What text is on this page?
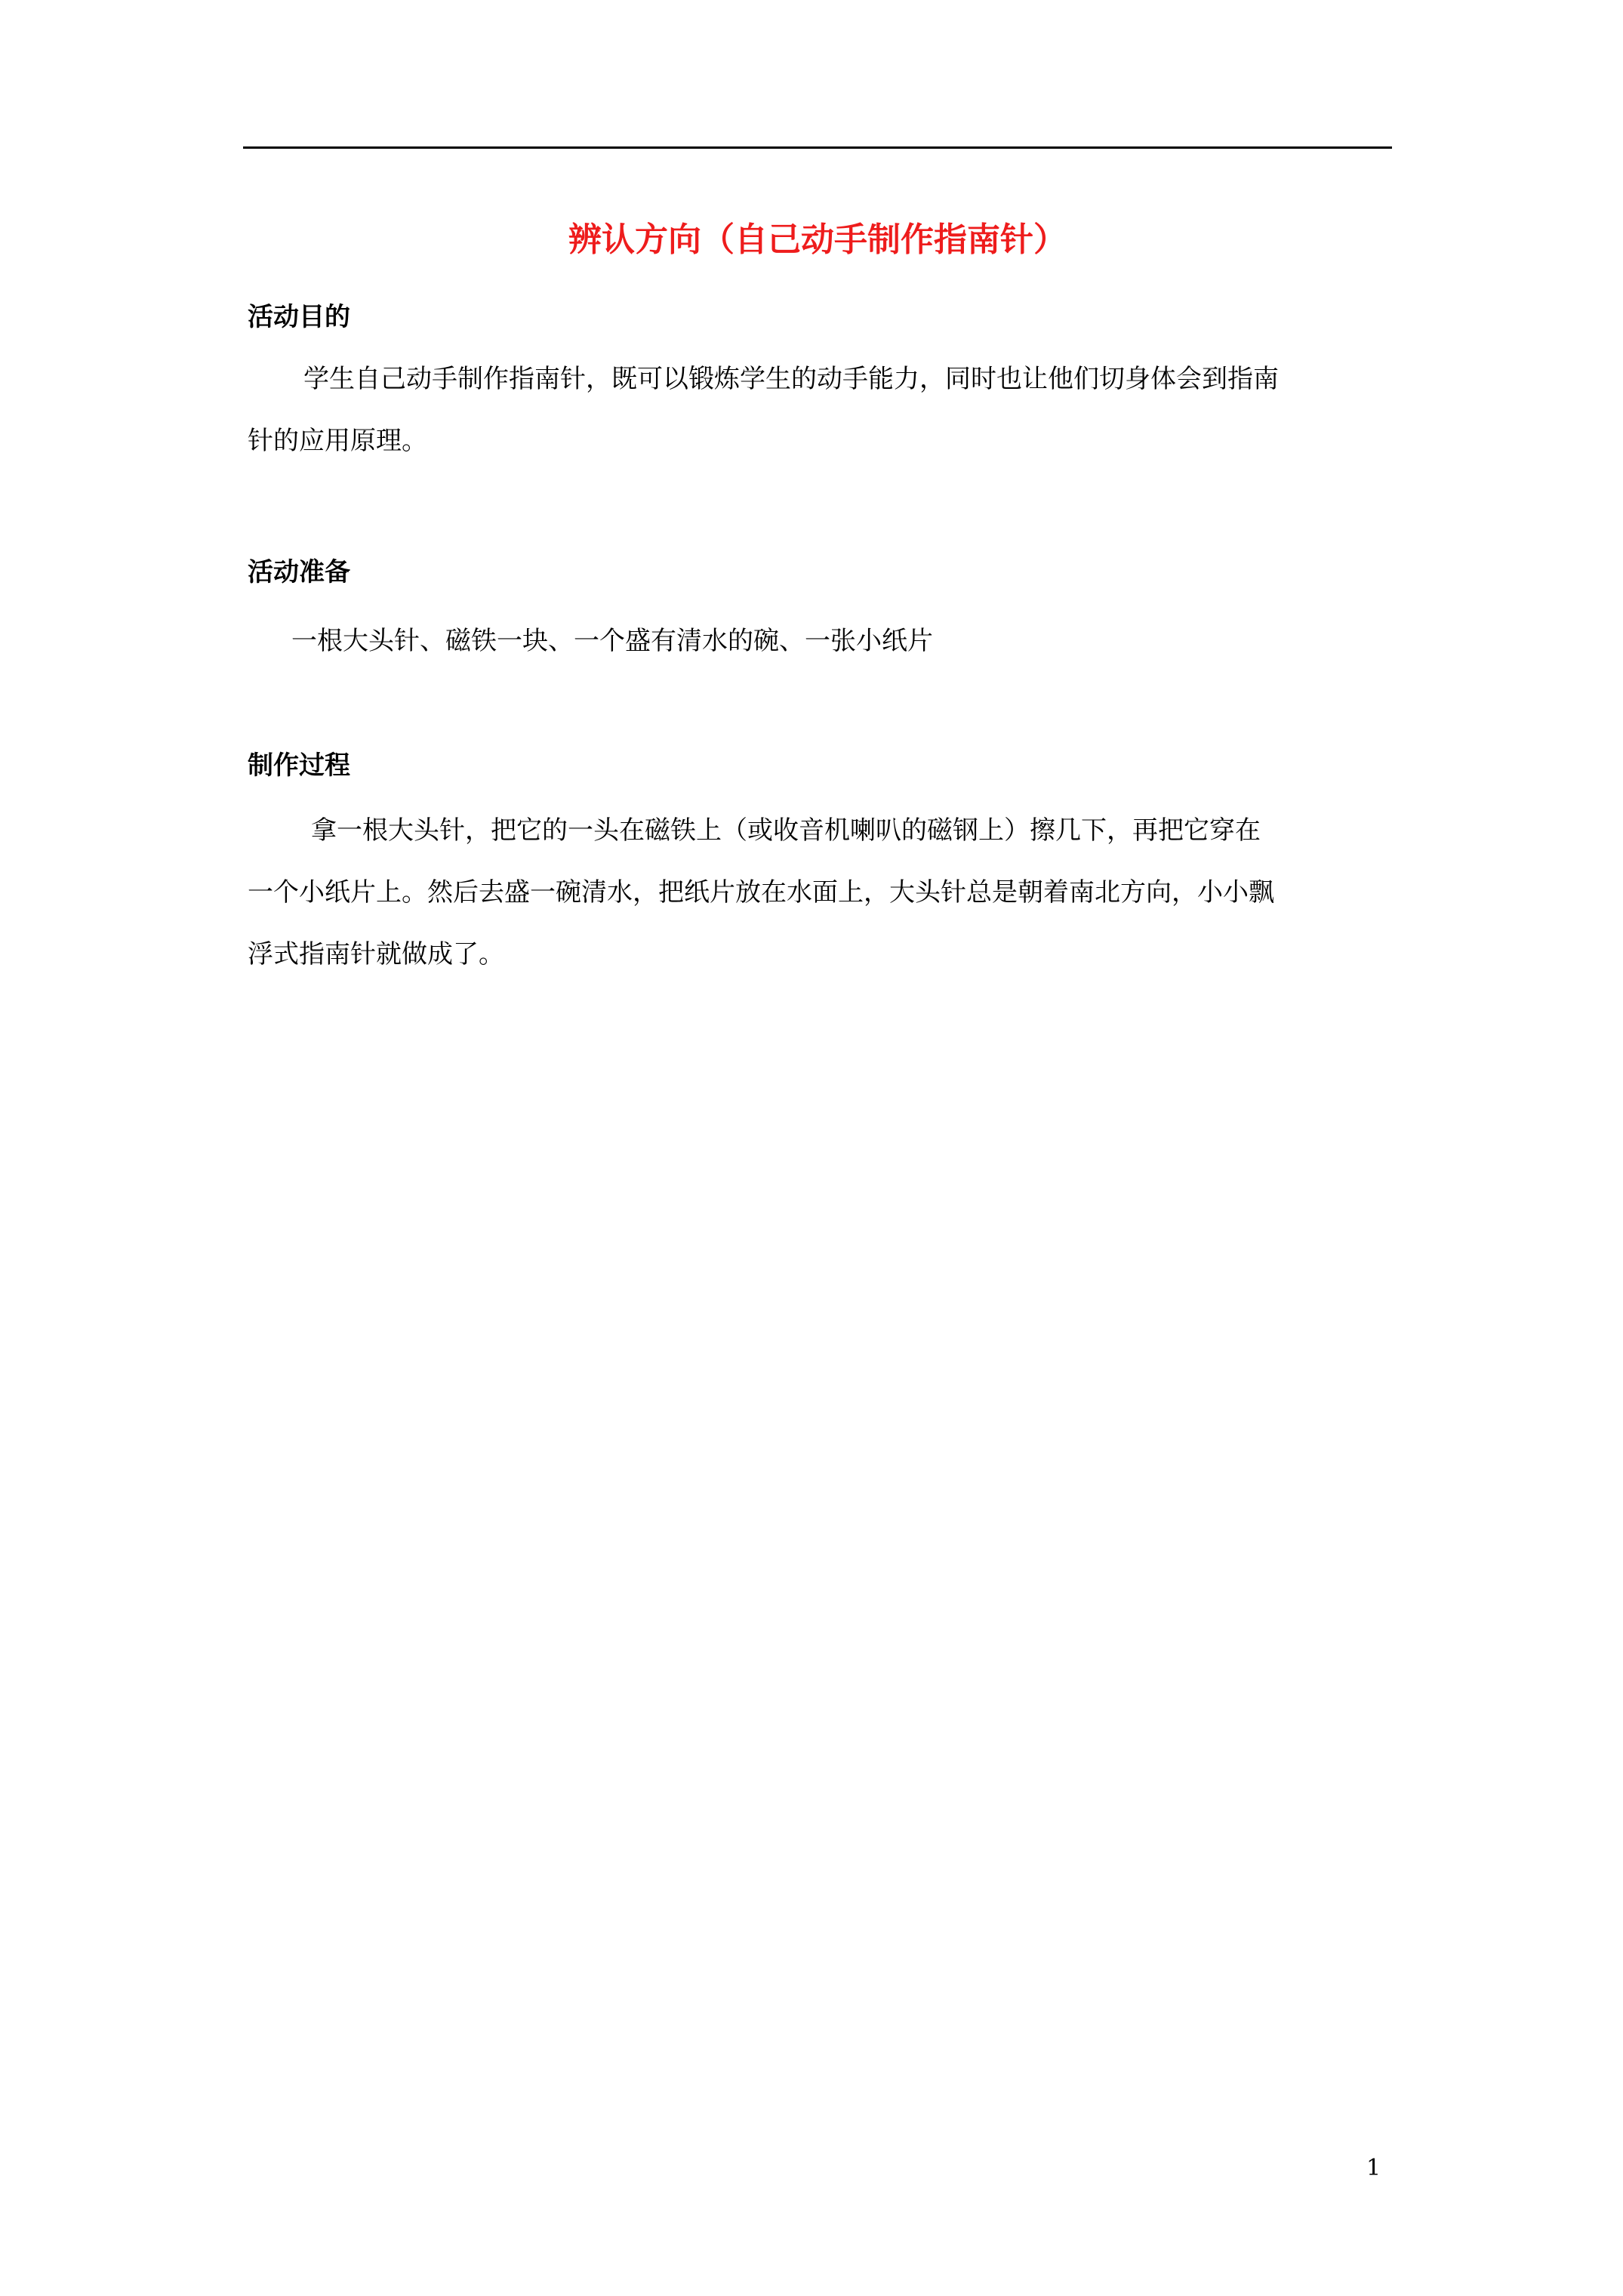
辨认方向（自己动手制作指南针）
活动目的
学生自己动手制作指南针，既可以锻炼学生的动手能力，同时也让他们切身体会到指南
针的应用原理。
活动准备
一根大头针、磁铁一块、一个盛有清水的碗、一张小纸片
制作过程
拿一根大头针，把它的一头在磁铁上（或收音机喇叭的磁钢上）擦几下，再把它穿在
一个小纸片上。然后去盛一碗清水，把纸片放在水面上，大头针总是朝着南北方向，小小飘
浮式指南针就做成了。
1
